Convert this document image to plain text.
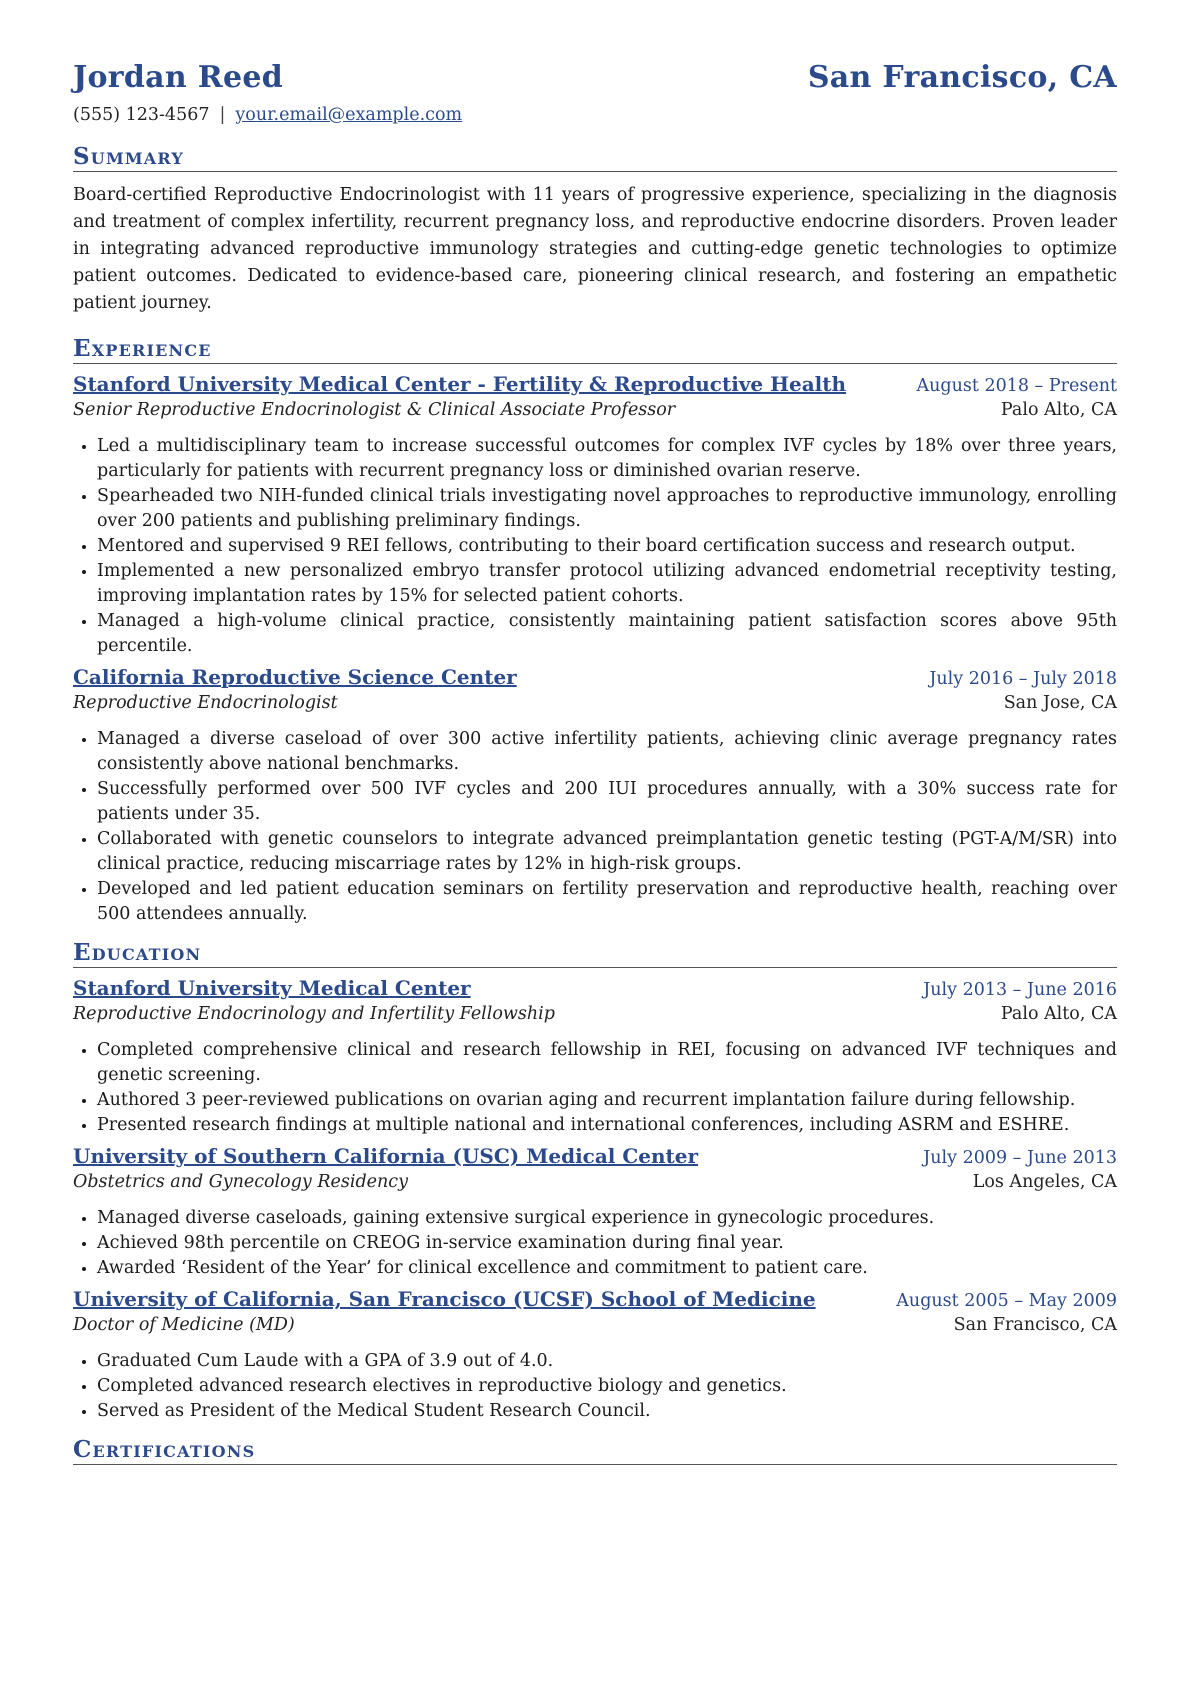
Jordan Reed	San Francisco, CA
(555) 123-4567 | your.email@example.com
Summary
Board-certified Reproductive Endocrinologist with 11 years of progressive experience, specializing in the diagnosis and treatment of complex infertility, recurrent pregnancy loss, and reproductive endocrine disorders. Proven leader in integrating advanced reproductive immunology strategies and cutting-edge genetic technologies to optimize patient outcomes. Dedicated to evidence-based care, pioneering clinical research, and fostering an empathetic patient journey.
Experience
Stanford University Medical Center - Fertility & Reproductive Health	August 2018 – Present
Senior Reproductive Endocrinologist & Clinical Associate Professor	Palo Alto, CA
• Led a multidisciplinary team to increase successful outcomes for complex IVF cycles by 18% over three years, particularly for patients with recurrent pregnancy loss or diminished ovarian reserve.
• Spearheaded two NIH-funded clinical trials investigating novel approaches to reproductive immunology, enrolling over 200 patients and publishing preliminary findings.
• Mentored and supervised 9 REI fellows, contributing to their board certification success and research output.
• Implemented a new personalized embryo transfer protocol utilizing advanced endometrial receptivity testing, improving implantation rates by 15% for selected patient cohorts.
• Managed a high-volume clinical practice, consistently maintaining patient satisfaction scores above 95th percentile.
California Reproductive Science Center	July 2016 – July 2018
Reproductive Endocrinologist	San Jose, CA
• Managed a diverse caseload of over 300 active infertility patients, achieving clinic average pregnancy rates consistently above national benchmarks.
• Successfully performed over 500 IVF cycles and 200 IUI procedures annually, with a 30% success rate for patients under 35.
• Collaborated with genetic counselors to integrate advanced preimplantation genetic testing (PGT-A/M/SR) into clinical practice, reducing miscarriage rates by 12% in high-risk groups.
• Developed and led patient education seminars on fertility preservation and reproductive health, reaching over 500 attendees annually.
Education
Stanford University Medical Center	July 2013 – June 2016
Reproductive Endocrinology and Infertility Fellowship	Palo Alto, CA
• Completed comprehensive clinical and research fellowship in REI, focusing on advanced IVF techniques and genetic screening.
• Authored 3 peer-reviewed publications on ovarian aging and recurrent implantation failure during fellowship.
• Presented research findings at multiple national and international conferences, including ASRM and ESHRE.
University of Southern California (USC) Medical Center	July 2009 – June 2013
Obstetrics and Gynecology Residency	Los Angeles, CA
• Managed diverse caseloads, gaining extensive surgical experience in gynecologic procedures.
• Achieved 98th percentile on CREOG in-service examination during final year.
• Awarded ‘Resident of the Year’ for clinical excellence and commitment to patient care.
University of California, San Francisco (UCSF) School of Medicine	August 2005 – May 2009
Doctor of Medicine (MD)	San Francisco, CA
• Graduated Cum Laude with a GPA of 3.9 out of 4.0.
• Completed advanced research electives in reproductive biology and genetics.
• Served as President of the Medical Student Research Council.
Certifications
